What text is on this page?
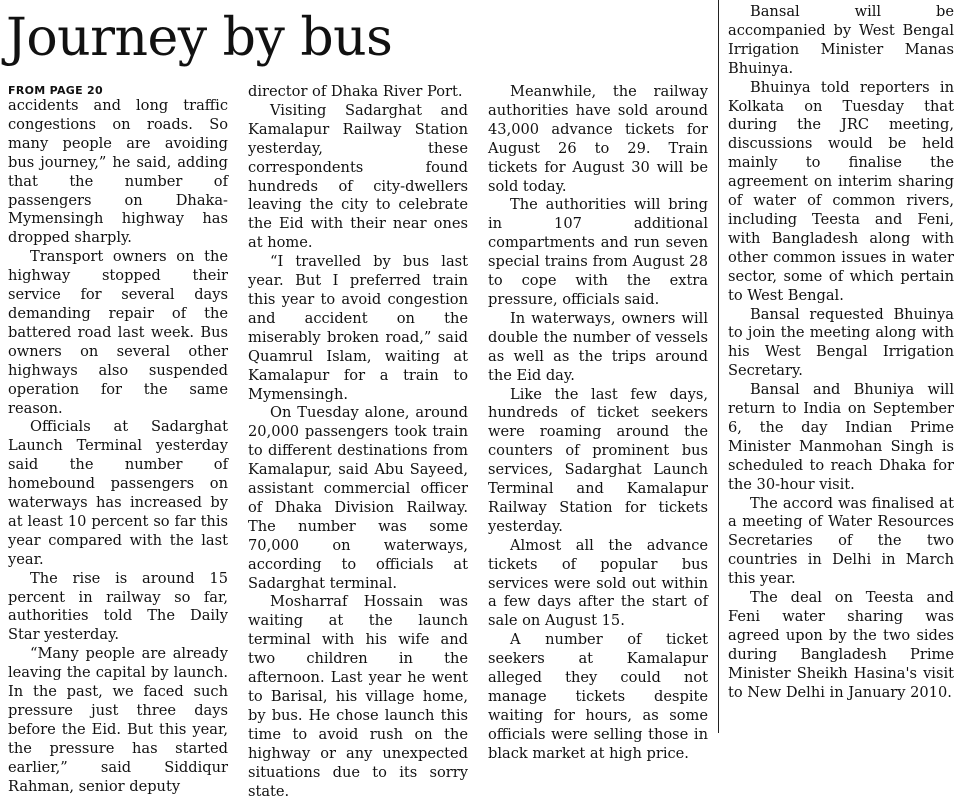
Journey by bus
FROM PAGE 20

accidents and long traffic congestions on roads. So many people are avoiding bus journey,” he said, adding that the number of passengers on Dhaka-Mymensingh highway has dropped sharply.

Transport owners on the highway stopped their service for several days demanding repair of the battered road last week. Bus owners on several other highways also suspended operation for the same reason.

Officials at Sadarghat Launch Terminal yesterday said the number of homebound passengers on waterways has increased by at least 10 percent so far this year compared with the last year.

The rise is around 15 percent in railway so far, authorities told The Daily Star yesterday.

“Many people are already leaving the capital by launch. In the past, we faced such pressure just three days before the Eid. But this year, the pressure has started earlier,” said Siddiqur Rahman, senior deputy

director of Dhaka River Port.

Visiting Sadarghat and Kamalapur Railway Station yesterday, these correspondents found hundreds of city-dwellers leaving the city to celebrate the Eid with their near ones at home.

“I travelled by bus last year. But I preferred train this year to avoid congestion and accident on the miserably broken road,” said Quamrul Islam, waiting at Kamalapur for a train to Mymensingh.

On Tuesday alone, around 20,000 passengers took train to different destinations from Kamalapur, said Abu Sayeed, assistant commercial officer of Dhaka Division Railway. The number was some 70,000 on waterways, according to officials at Sadarghat terminal.

Mosharraf Hossain was waiting at the launch terminal with his wife and two children in the afternoon. Last year he went to Barisal, his village home, by bus. He chose launch this time to avoid rush on the highway or any unexpected situations due to its sorry state.

Meanwhile, the railway authorities have sold around 43,000 advance tickets for August 26 to 29. Train tickets for August 30 will be sold today.

The authorities will bring in 107 additional compartments and run seven special trains from August 28 to cope with the extra pressure, officials said.

In waterways, owners will double the number of vessels as well as the trips around the Eid day.

Like the last few days, hundreds of ticket seekers were roaming around the counters of prominent bus services, Sadarghat Launch Terminal and Kamalapur Railway Station for tickets yesterday.

Almost all the advance tickets of popular bus services were sold out within a few days after the start of sale on August 15.

A number of ticket seekers at Kamalapur alleged they could not manage tickets despite waiting for hours, as some officials were selling those in black market at high price.

Bansal will be accompanied by West Bengal Irrigation Minister Manas Bhuinya.

Bhuinya told reporters in Kolkata on Tuesday that during the JRC meeting, discussions would be held mainly to finalise the agreement on interim sharing of water of common rivers, including Teesta and Feni, with Bangladesh along with other common issues in water sector, some of which pertain to West Bengal.

Bansal requested Bhuinya to join the meeting along with his West Bengal Irrigation Secretary.

Bansal and Bhuniya will return to India on September 6, the day Indian Prime Minister Manmohan Singh is scheduled to reach Dhaka for the 30-hour visit.

The accord was finalised at a meeting of Water Resources Secretaries of the two countries in Delhi in March this year.

The deal on Teesta and Feni water sharing was agreed upon by the two sides during Bangladesh Prime Minister Sheikh Hasina's visit to New Delhi in January 2010.
